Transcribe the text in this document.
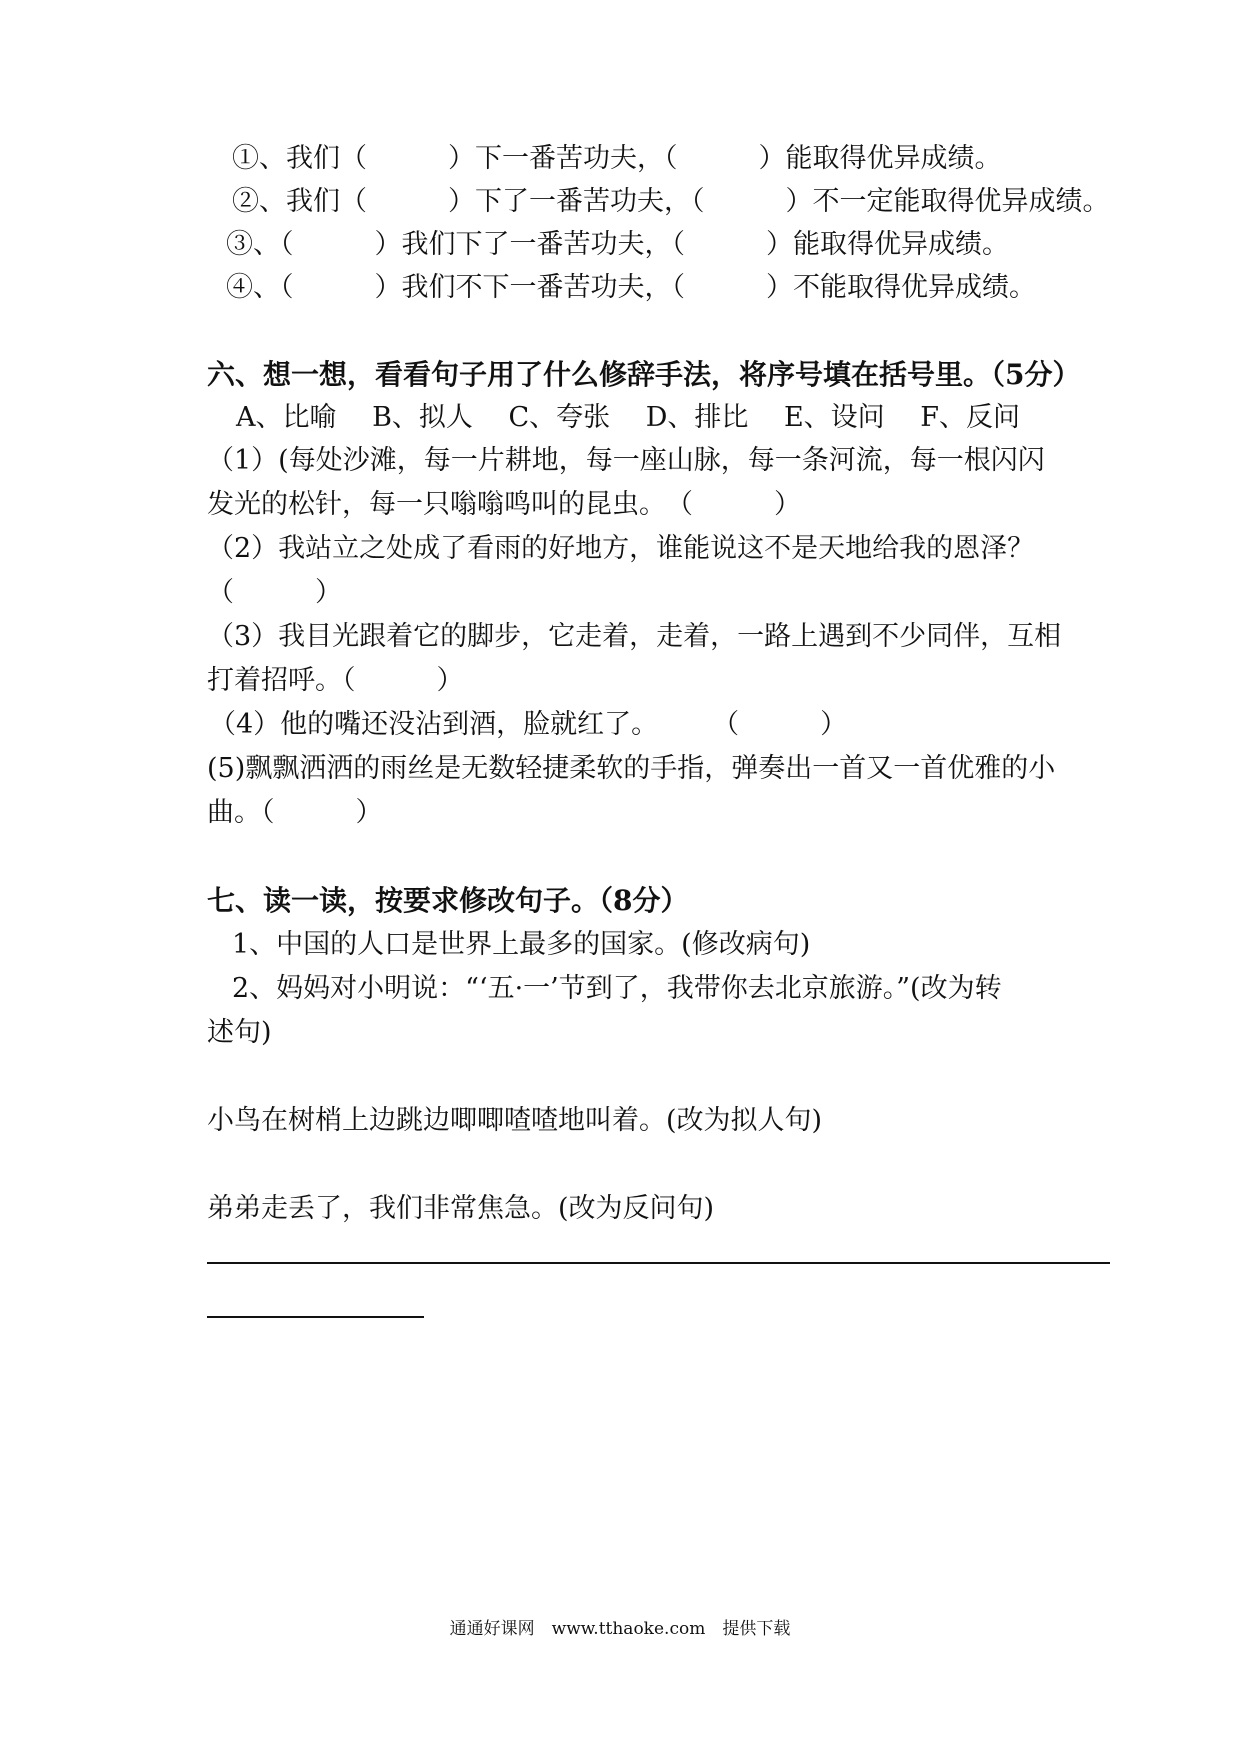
①、我们（　　　）下一番苦功夫，（　　　）能取得优异成绩。
②、我们（　　　）下了一番苦功夫，（　　　）不一定能取得优异成绩。
③、（　　　）我们下了一番苦功夫，（　　　）能取得优异成绩。
④、（　　　）我们不下一番苦功夫，（　　　）不能取得优异成绩。
六、想一想，看看句子用了什么修辞手法，将序号填在括号里。（5分）
A、比喻　 B、拟人　 C、夸张　 D、排比　 E、设问　 F、反问
（1）(每处沙滩，每一片耕地，每一座山脉，每一条河流，每一根闪闪
发光的松针，每一只嗡嗡鸣叫的昆虫。　（　　　）
（2）我站立之处成了看雨的好地方，谁能说这不是天地给我的恩泽？
（　　　）
（3）我目光跟着它的脚步，它走着，走着，一路上遇到不少同伴，互相
打着招呼。（　　　）
（4）他的嘴还没沾到酒，脸就红了。　　　（　　　）
(5)飘飘洒洒的雨丝是无数轻捷柔软的手指，弹奏出一首又一首优雅的小
曲。（　　　）
七、读一读，按要求修改句子。（8分）
1、中国的人口是世界上最多的国家。(修改病句)
2、妈妈对小明说：“‘五·一’节到了，我带你去北京旅游。”(改为转
述句)
小鸟在树梢上边跳边唧唧喳喳地叫着。(改为拟人句)
弟弟走丢了，我们非常焦急。(改为反问句)
通通好课网　www.tthaoke.com　提供下载
